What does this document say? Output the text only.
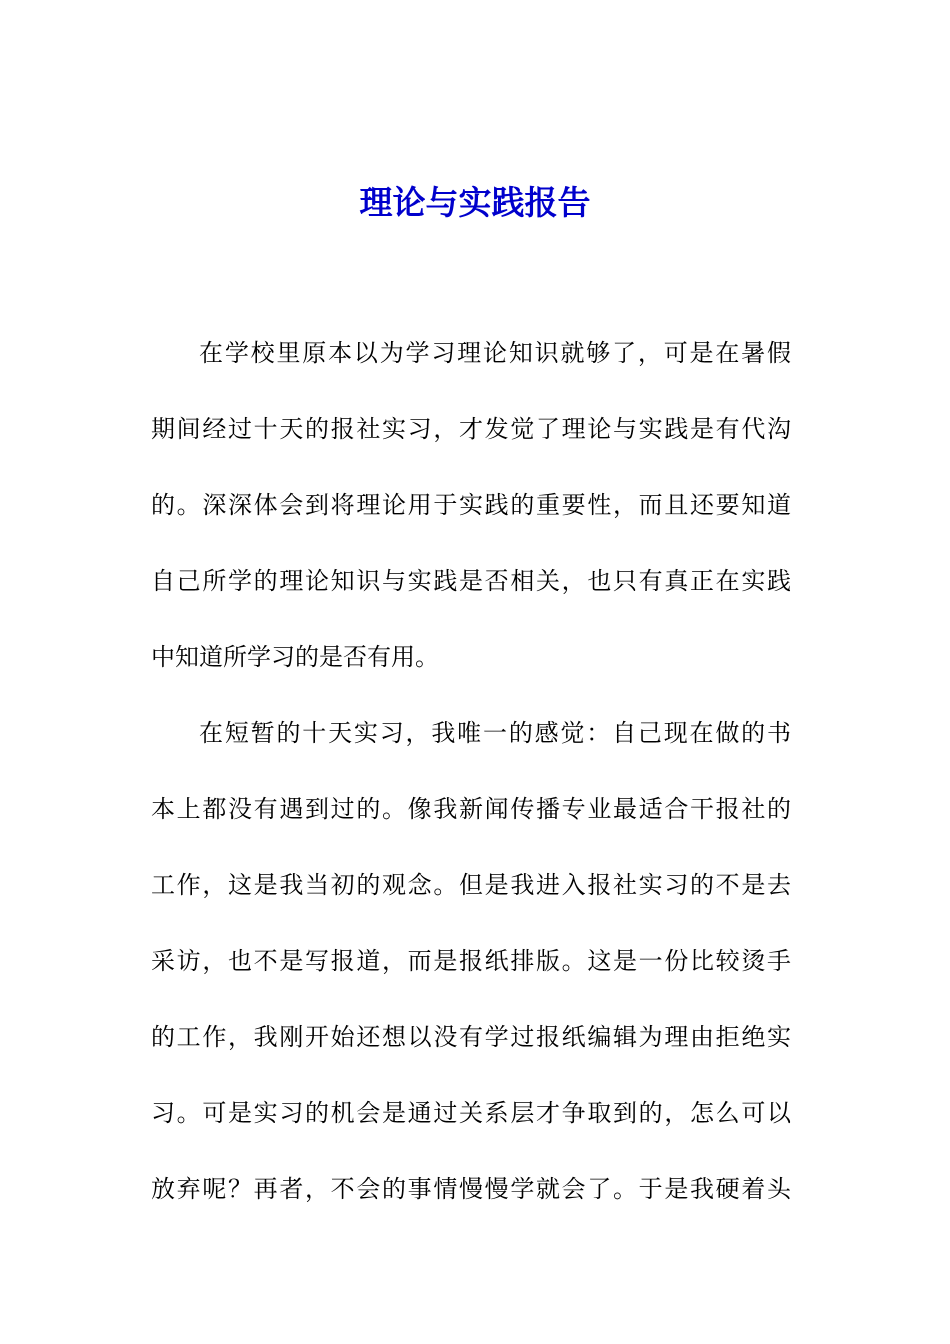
理论与实践报告
在学校里原本以为学习理论知识就够了，可是在暑假
期间经过十天的报社实习，才发觉了理论与实践是有代沟
的。深深体会到将理论用于实践的重要性，而且还要知道
自己所学的理论知识与实践是否相关，也只有真正在实践
中知道所学习的是否有用。
在短暂的十天实习，我唯一的感觉：自己现在做的书
本上都没有遇到过的。像我新闻传播专业最适合干报社的
工作，这是我当初的观念。但是我进入报社实习的不是去
采访，也不是写报道，而是报纸排版。这是一份比较烫手
的工作，我刚开始还想以没有学过报纸编辑为理由拒绝实
习。可是实习的机会是通过关系层才争取到的，怎么可以
放弃呢？再者，不会的事情慢慢学就会了。于是我硬着头
